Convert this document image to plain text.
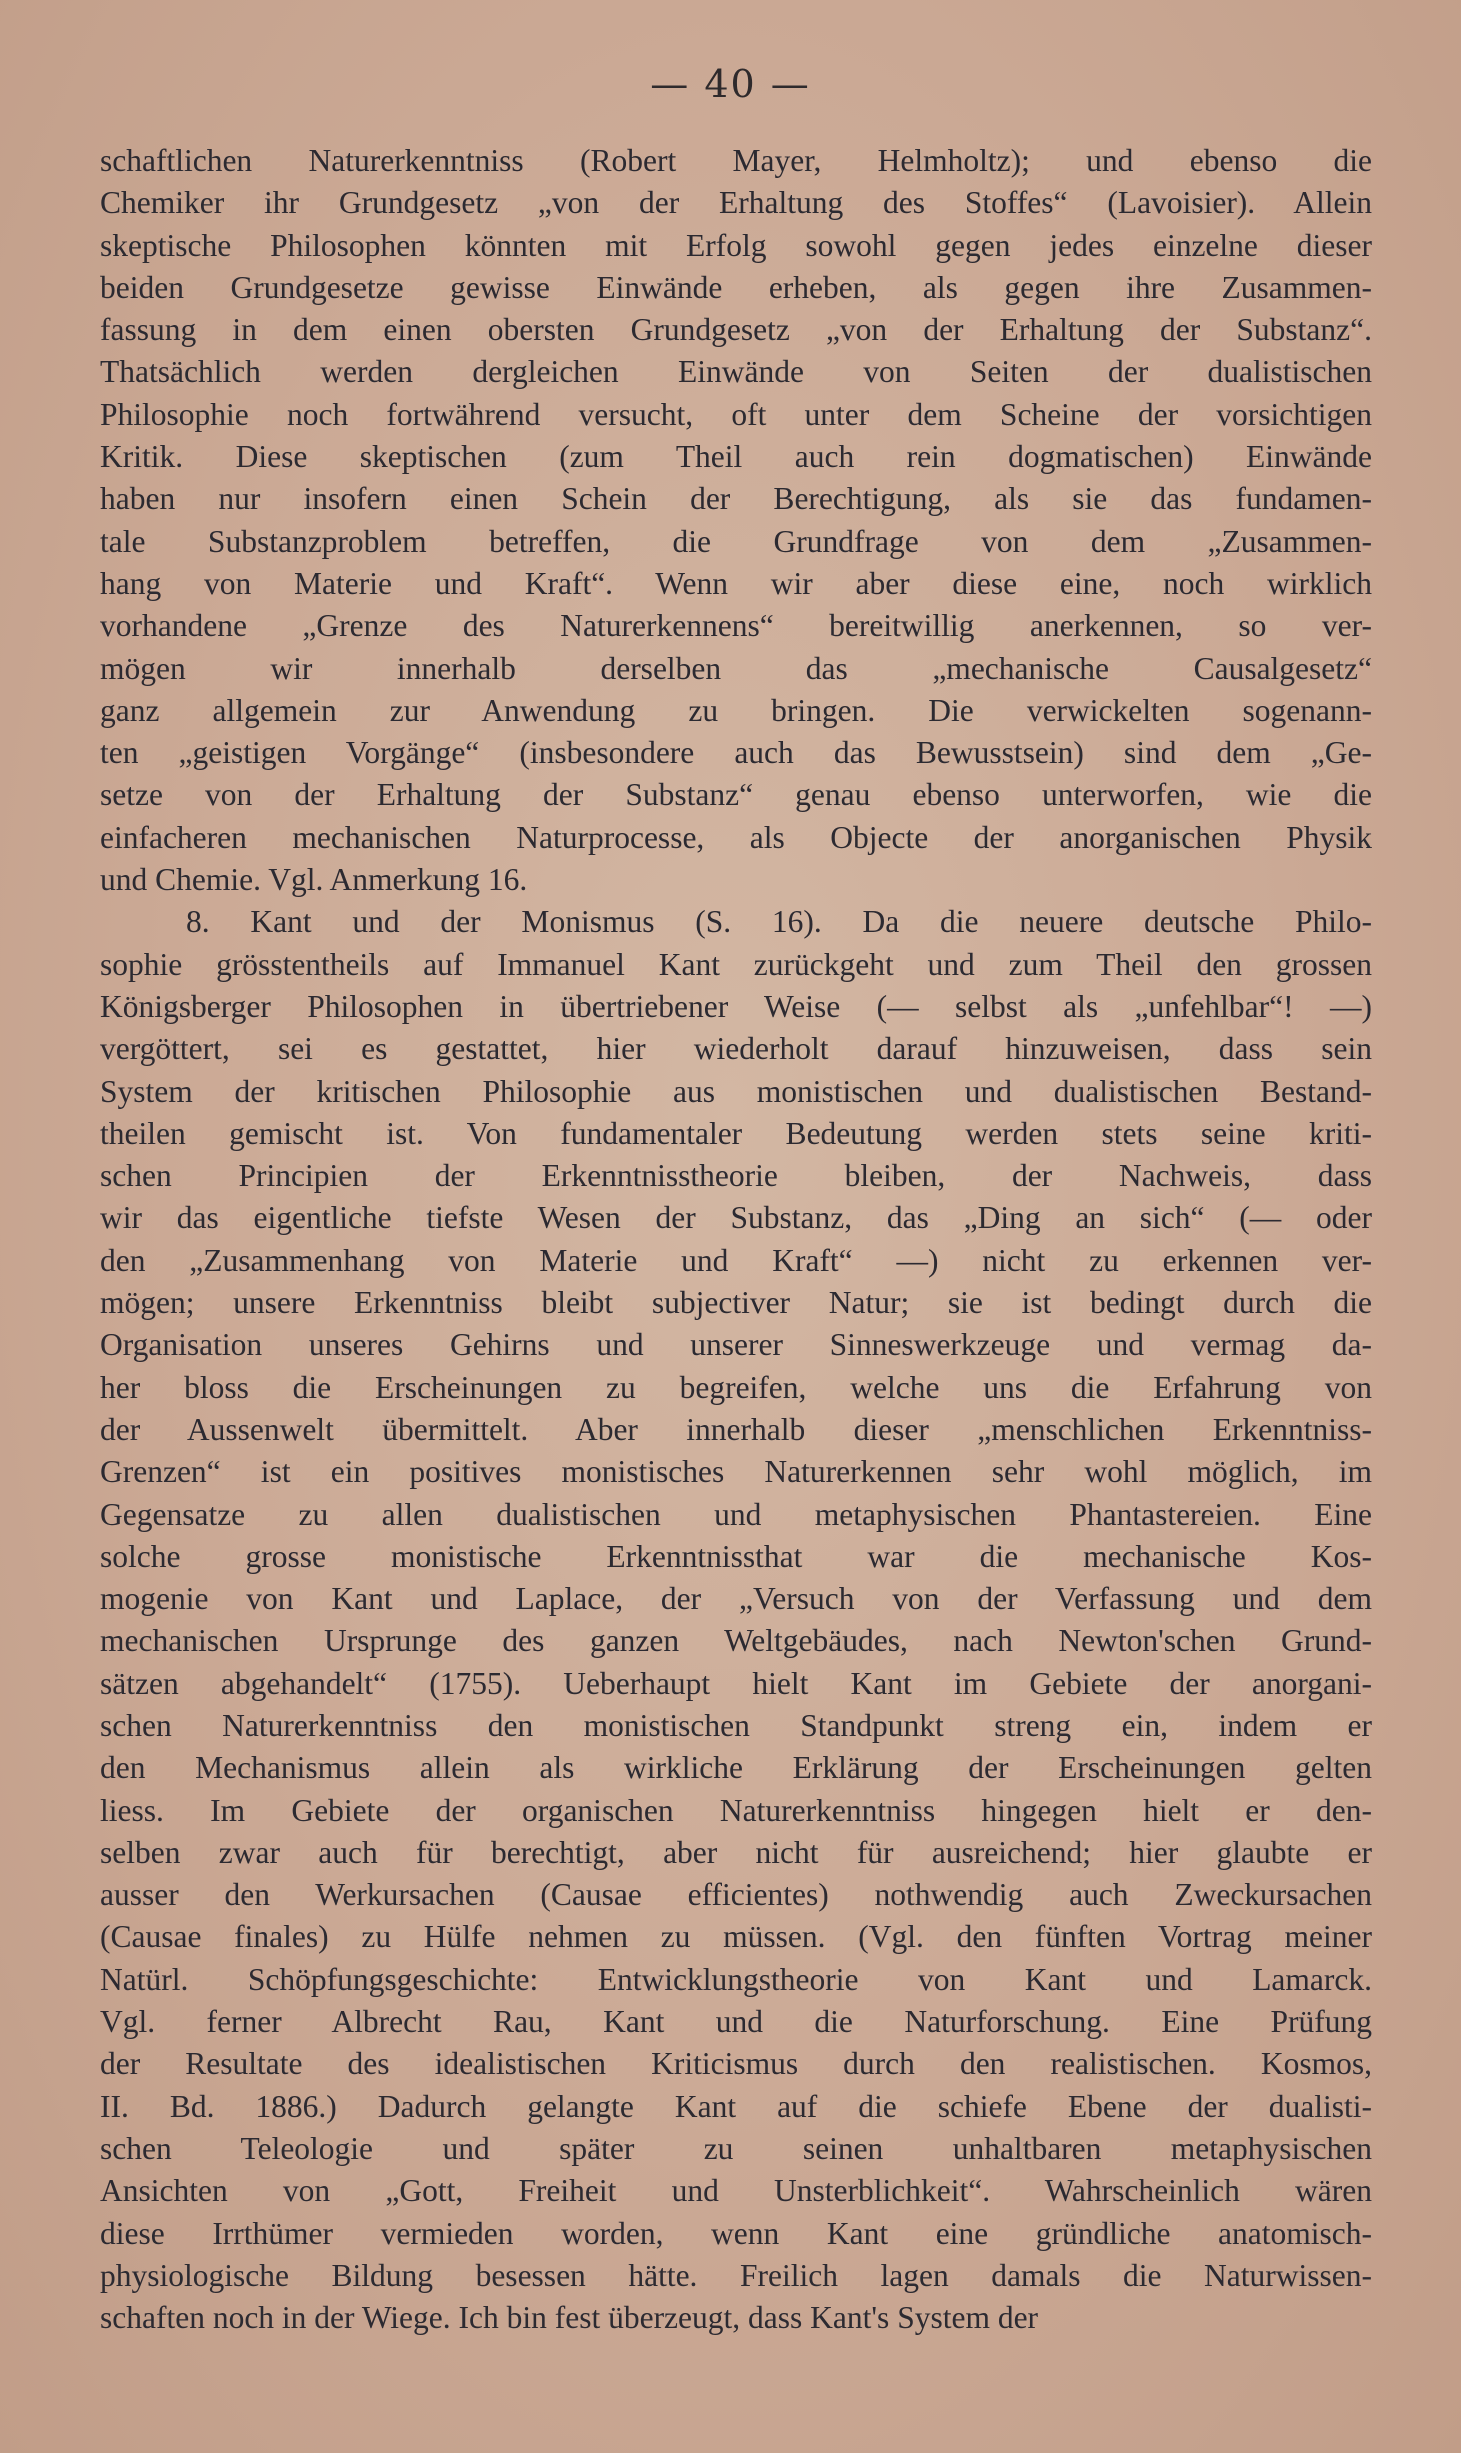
— 40 —
schaftlichen Naturerkenntniss (Robert Mayer, Helmholtz); und ebenso die
Chemiker ihr Grundgesetz „von der Erhaltung des Stoffes“ (Lavoisier). Allein
skeptische Philosophen könnten mit Erfolg sowohl gegen jedes einzelne dieser
beiden Grundgesetze gewisse Einwände erheben, als gegen ihre Zusammen-
fassung in dem einen obersten Grundgesetz „von der Erhaltung der Substanz“.
Thatsächlich werden dergleichen Einwände von Seiten der dualistischen
Philosophie noch fortwährend versucht, oft unter dem Scheine der vorsichtigen
Kritik. Diese skeptischen (zum Theil auch rein dogmatischen) Einwände
haben nur insofern einen Schein der Berechtigung, als sie das fundamen-
tale Substanzproblem betreffen, die Grundfrage von dem „Zusammen-
hang von Materie und Kraft“. Wenn wir aber diese eine, noch wirklich
vorhandene „Grenze des Naturerkennens“ bereitwillig anerkennen, so ver-
mögen wir innerhalb derselben das „mechanische Causalgesetz“
ganz allgemein zur Anwendung zu bringen. Die verwickelten sogenann-
ten „geistigen Vorgänge“ (insbesondere auch das Bewusstsein) sind dem „Ge-
setze von der Erhaltung der Substanz“ genau ebenso unterworfen, wie die
einfacheren mechanischen Naturprocesse, als Objecte der anorganischen Physik
und Chemie. Vgl. Anmerkung 16.
8. Kant und der Monismus (S. 16). Da die neuere deutsche Philo-
sophie grösstentheils auf Immanuel Kant zurückgeht und zum Theil den grossen
Königsberger Philosophen in übertriebener Weise (— selbst als „unfehlbar“! —)
vergöttert, sei es gestattet, hier wiederholt darauf hinzuweisen, dass sein
System der kritischen Philosophie aus monistischen und dualistischen Bestand-
theilen gemischt ist. Von fundamentaler Bedeutung werden stets seine kriti-
schen Principien der Erkenntnisstheorie bleiben, der Nachweis, dass
wir das eigentliche tiefste Wesen der Substanz, das „Ding an sich“ (— oder
den „Zusammenhang von Materie und Kraft“ —) nicht zu erkennen ver-
mögen; unsere Erkenntniss bleibt subjectiver Natur; sie ist bedingt durch die
Organisation unseres Gehirns und unserer Sinneswerkzeuge und vermag da-
her bloss die Erscheinungen zu begreifen, welche uns die Erfahrung von
der Aussenwelt übermittelt. Aber innerhalb dieser „menschlichen Erkenntniss-
Grenzen“ ist ein positives monistisches Naturerkennen sehr wohl möglich, im
Gegensatze zu allen dualistischen und metaphysischen Phantastereien. Eine
solche grosse monistische Erkenntnissthat war die mechanische Kos-
mogenie von Kant und Laplace, der „Versuch von der Verfassung und dem
mechanischen Ursprunge des ganzen Weltgebäudes, nach Newton'schen Grund-
sätzen abgehandelt“ (1755). Ueberhaupt hielt Kant im Gebiete der anorgani-
schen Naturerkenntniss den monistischen Standpunkt streng ein, indem er
den Mechanismus allein als wirkliche Erklärung der Erscheinungen gelten
liess. Im Gebiete der organischen Naturerkenntniss hingegen hielt er den-
selben zwar auch für berechtigt, aber nicht für ausreichend; hier glaubte er
ausser den Werkursachen (Causae efficientes) nothwendig auch Zweckursachen
(Causae finales) zu Hülfe nehmen zu müssen. (Vgl. den fünften Vortrag meiner
Natürl. Schöpfungsgeschichte: Entwicklungstheorie von Kant und Lamarck.
Vgl. ferner Albrecht Rau, Kant und die Naturforschung. Eine Prüfung
der Resultate des idealistischen Kriticismus durch den realistischen. Kosmos,
II. Bd. 1886.) Dadurch gelangte Kant auf die schiefe Ebene der dualisti-
schen Teleologie und später zu seinen unhaltbaren metaphysischen
Ansichten von „Gott, Freiheit und Unsterblichkeit“. Wahrscheinlich wären
diese Irrthümer vermieden worden, wenn Kant eine gründliche anatomisch-
physiologische Bildung besessen hätte. Freilich lagen damals die Naturwissen-
schaften noch in der Wiege. Ich bin fest überzeugt, dass Kant's System der
